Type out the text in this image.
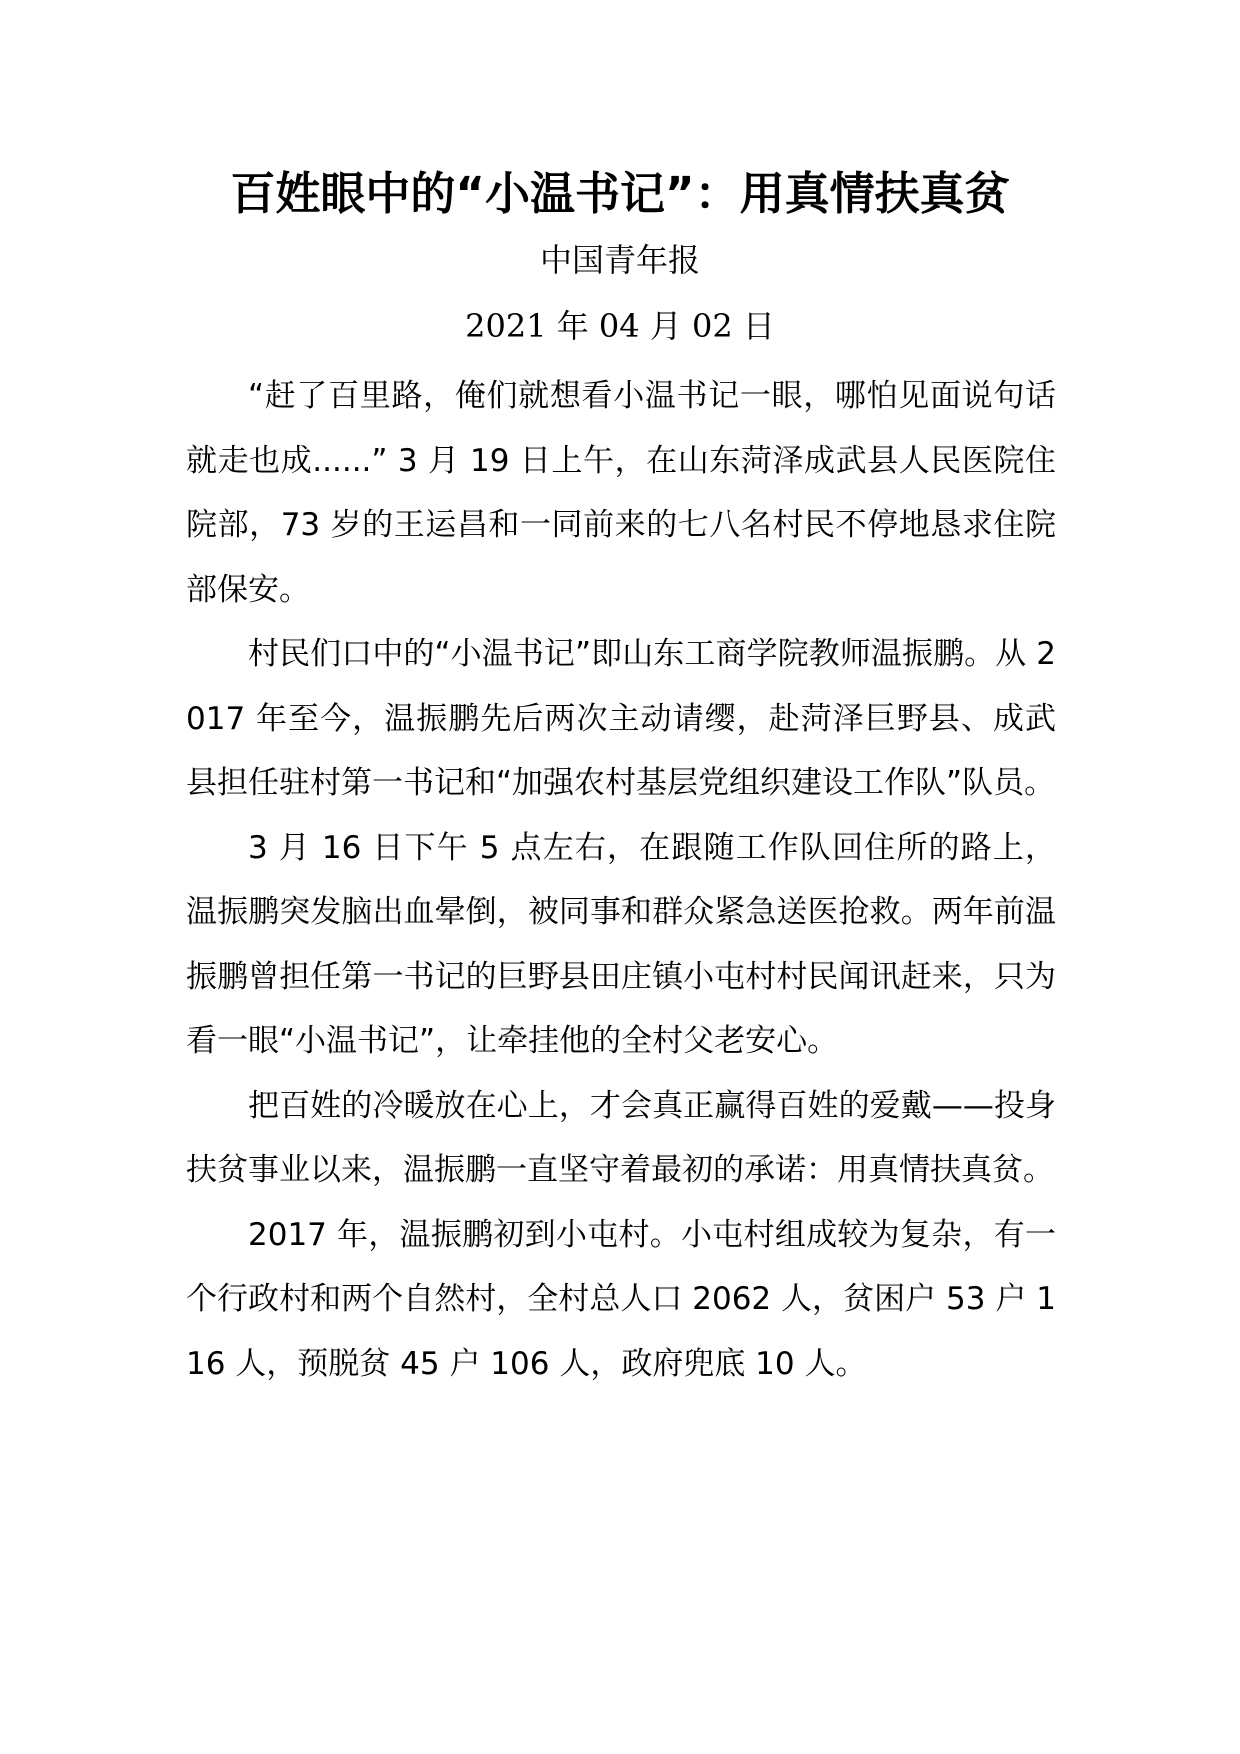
百姓眼中的“小温书记”：用真情扶真贫
中国青年报
2021 年 04 月 02 日

“赶了百里路，俺们就想看小温书记一眼，哪怕见面说句话就走也成......” 3 月 19 日上午，在山东菏泽成武县人民医院住院部，73 岁的王运昌和一同前来的七八名村民不停地恳求住院部保安。

村民们口中的“小温书记”即山东工商学院教师温振鹏。从 2017 年至今，温振鹏先后两次主动请缨，赴菏泽巨野县、成武县担任驻村第一书记和“加强农村基层党组织建设工作队”队员。

3 月 16 日下午 5 点左右，在跟随工作队回住所的路上，温振鹏突发脑出血晕倒，被同事和群众紧急送医抢救。两年前温振鹏曾担任第一书记的巨野县田庄镇小屯村村民闻讯赶来，只为看一眼“小温书记”，让牵挂他的全村父老安心。

把百姓的冷暖放在心上，才会真正赢得百姓的爱戴——投身扶贫事业以来，温振鹏一直坚守着最初的承诺：用真情扶真贫。

2017 年，温振鹏初到小屯村。小屯村组成较为复杂，有一个行政村和两个自然村，全村总人口 2062 人，贫困户 53 户 116 人，预脱贫 45 户 106 人，政府兜底 10 人。
